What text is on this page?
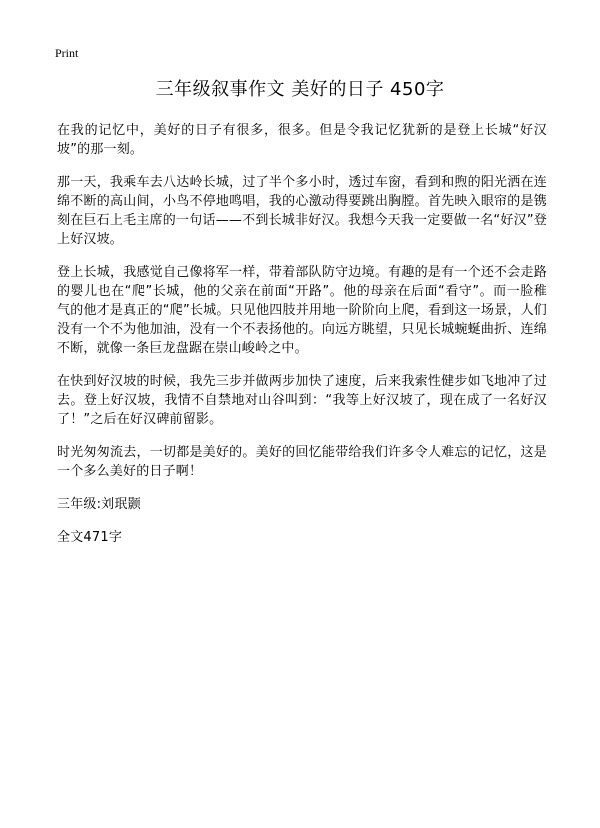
Print
三年级叙事作文 美好的日子 450字

在我的记忆中，美好的日子有很多，很多。但是令我记忆犹新的是登上长城“好汉坡”的那一刻。

那一天，我乘车去八达岭长城，过了半个多小时，透过车窗，看到和煦的阳光洒在连绵不断的高山间，小鸟不停地鸣唱，我的心激动得要跳出胸膛。首先映入眼帘的是镌刻在巨石上毛主席的一句话——不到长城非好汉。我想今天我一定要做一名“好汉”登上好汉坡。

登上长城，我感觉自己像将军一样，带着部队防守边境。有趣的是有一个还不会走路的婴儿也在“爬”长城，他的父亲在前面“开路”。他的母亲在后面“看守”。而一脸稚气的他才是真正的“爬”长城。只见他四肢并用地一阶阶向上爬，看到这一场景，人们没有一个不为他加油，没有一个不表扬他的。向远方眺望，只见长城蜿蜒曲折、连绵不断，就像一条巨龙盘踞在崇山峻岭之中。

在快到好汉坡的时候，我先三步并做两步加快了速度，后来我索性健步如飞地冲了过去。登上好汉坡，我情不自禁地对山谷叫到：“我等上好汉坡了，现在成了一名好汉了！”之后在好汉碑前留影。

时光匆匆流去，一切都是美好的。美好的回忆能带给我们许多令人难忘的记忆，这是一个多么美好的日子啊！

三年级:刘珉颢

全文471字
